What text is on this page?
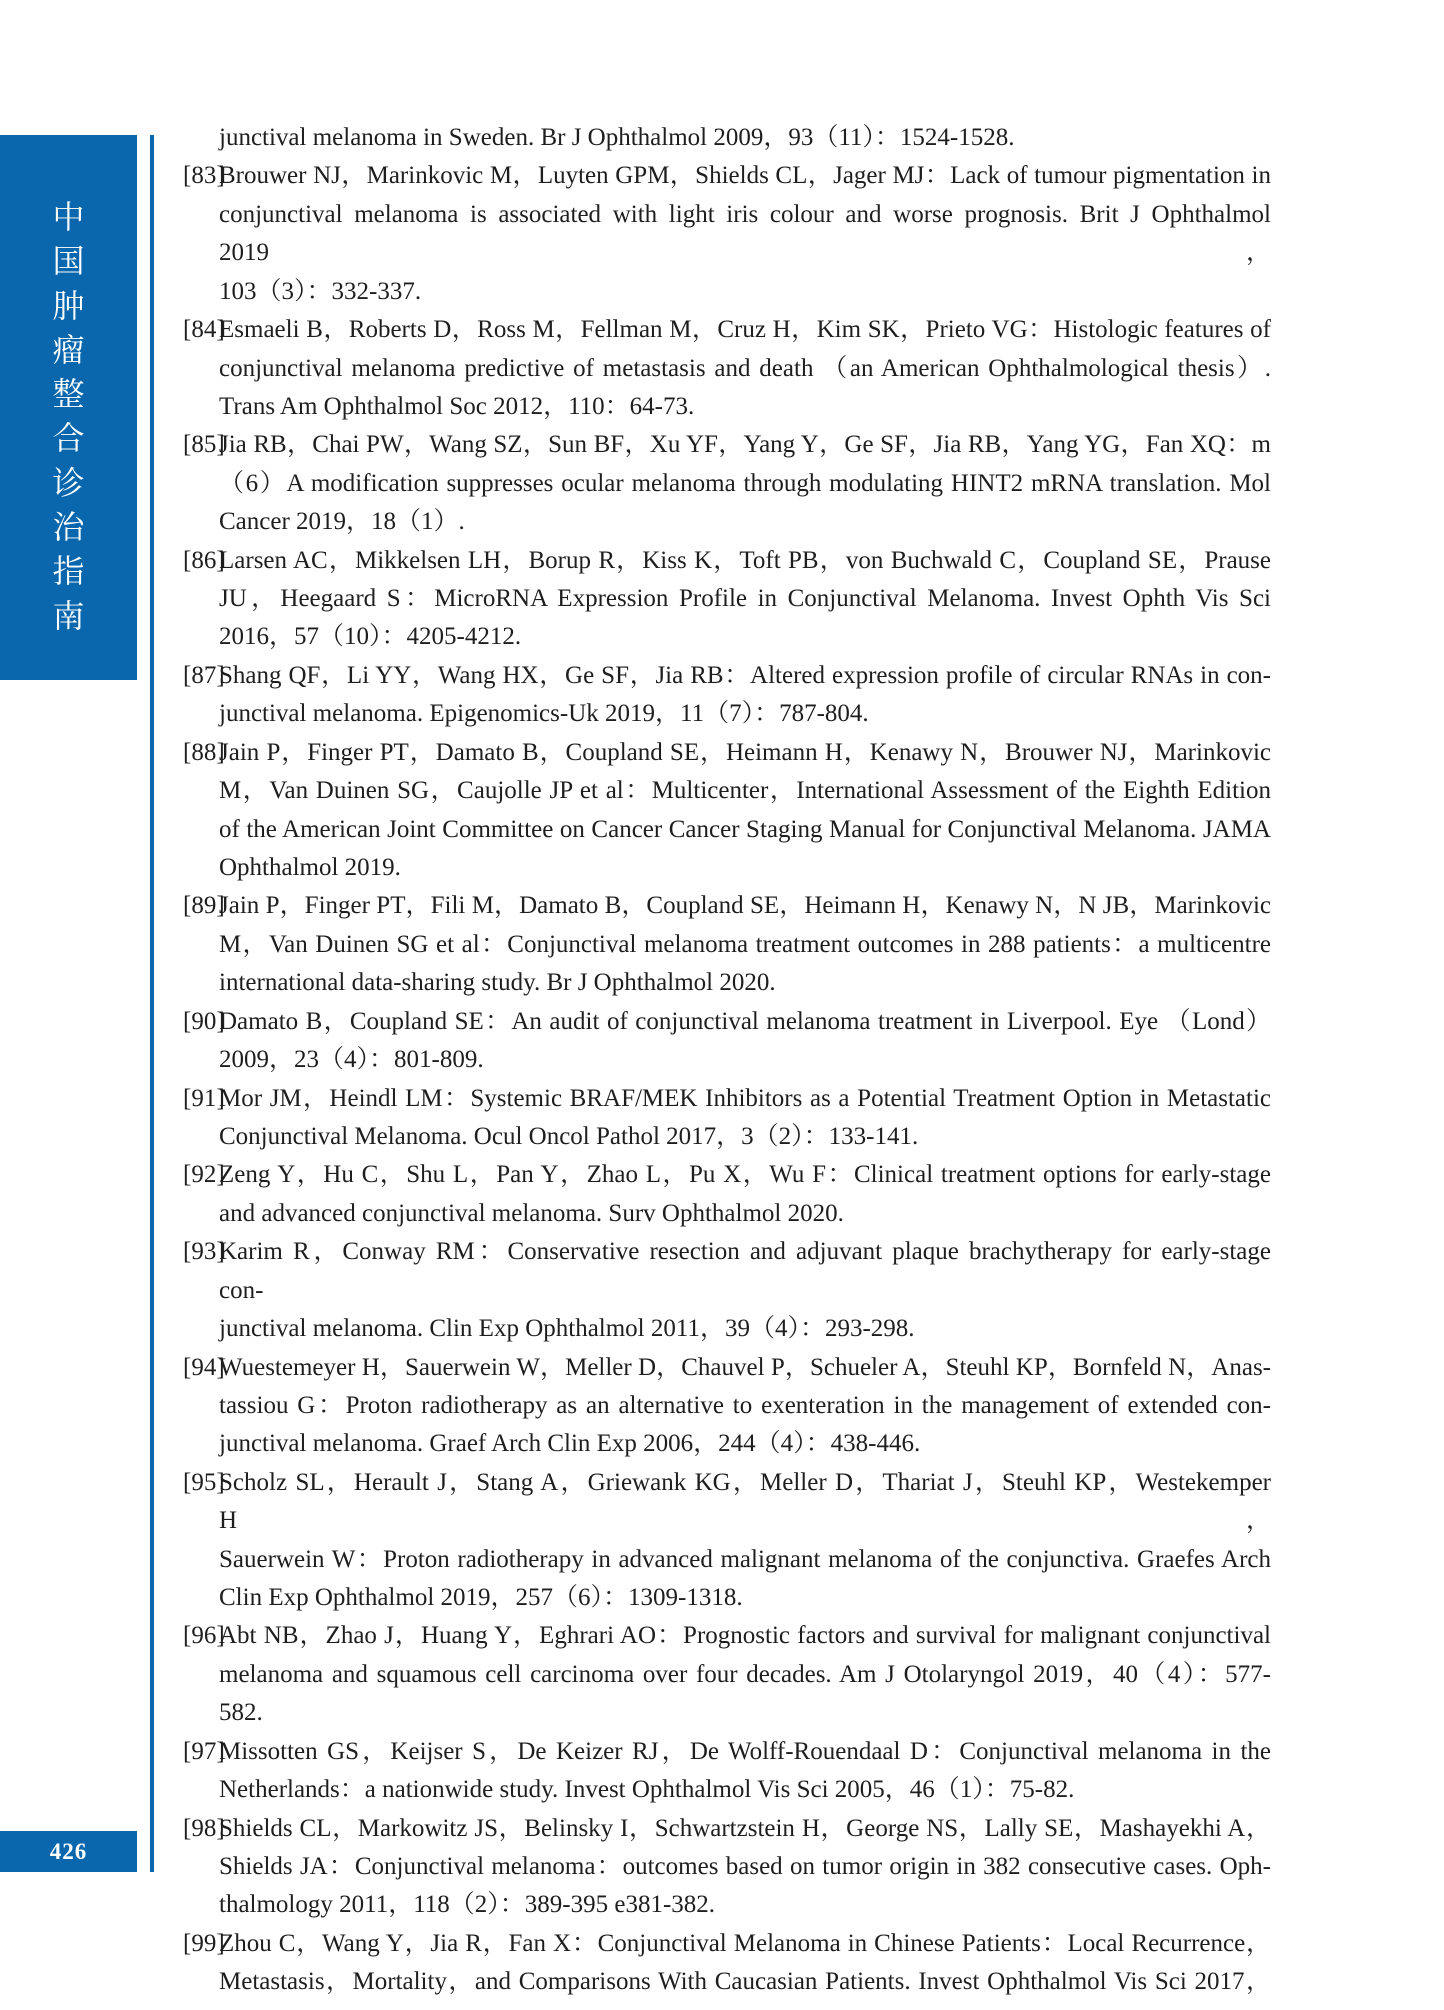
中
国
肿
瘤
整
合
诊
治
指
南
426
junctival melanoma in Sweden. Br J Ophthalmol 2009，93（11）：1524-1528.
[83]
Brouwer NJ，Marinkovic M，Luyten GPM，Shields CL，Jager MJ：Lack of tumour pigmentation in
conjunctival melanoma is associated with light iris colour and worse prognosis. Brit J Ophthalmol 2019，
103（3）：332-337.
[84]
Esmaeli B，Roberts D，Ross M，Fellman M，Cruz H，Kim SK，Prieto VG：Histologic features of
conjunctival melanoma predictive of metastasis and death （an American Ophthalmological thesis）.
Trans Am Ophthalmol Soc 2012，110：64-73.
[85]
Jia RB，Chai PW，Wang SZ，Sun BF，Xu YF，Yang Y，Ge SF，Jia RB，Yang YG，Fan XQ：m
（6）A modification suppresses ocular melanoma through modulating HINT2 mRNA translation. Mol
Cancer 2019，18（1）.
[86]
Larsen AC，Mikkelsen LH，Borup R，Kiss K，Toft PB，von Buchwald C，Coupland SE，Prause
JU，Heegaard S：MicroRNA Expression Profile in Conjunctival Melanoma. Invest Ophth Vis Sci
2016，57（10）：4205-4212.
[87]
Shang QF，Li YY，Wang HX，Ge SF，Jia RB：Altered expression profile of circular RNAs in con-
junctival melanoma. Epigenomics-Uk 2019，11（7）：787-804.
[88]
Jain P，Finger PT，Damato B，Coupland SE，Heimann H，Kenawy N，Brouwer NJ，Marinkovic
M，Van Duinen SG，Caujolle JP et al：Multicenter，International Assessment of the Eighth Edition
of the American Joint Committee on Cancer Cancer Staging Manual for Conjunctival Melanoma. JAMA
Ophthalmol 2019.
[89]
Jain P，Finger PT，Fili M，Damato B，Coupland SE，Heimann H，Kenawy N，N JB，Marinkovic
M，Van Duinen SG et al：Conjunctival melanoma treatment outcomes in 288 patients：a multicentre
international data-sharing study. Br J Ophthalmol 2020.
[90]
Damato B，Coupland SE：An audit of conjunctival melanoma treatment in Liverpool. Eye （Lond）
2009，23（4）：801-809.
[91]
Mor JM，Heindl LM：Systemic BRAF/MEK Inhibitors as a Potential Treatment Option in Metastatic
Conjunctival Melanoma. Ocul Oncol Pathol 2017，3（2）：133-141.
[92]
Zeng Y，Hu C，Shu L，Pan Y，Zhao L，Pu X，Wu F：Clinical treatment options for early-stage
and advanced conjunctival melanoma. Surv Ophthalmol 2020.
[93]
Karim R，Conway RM：Conservative resection and adjuvant plaque brachytherapy for early-stage con-
junctival melanoma. Clin Exp Ophthalmol 2011，39（4）：293-298.
[94]
Wuestemeyer H，Sauerwein W，Meller D，Chauvel P，Schueler A，Steuhl KP，Bornfeld N，Anas-
tassiou G：Proton radiotherapy as an alternative to exenteration in the management of extended con-
junctival melanoma. Graef Arch Clin Exp 2006，244（4）：438-446.
[95]
Scholz SL，Herault J，Stang A，Griewank KG，Meller D，Thariat J，Steuhl KP，Westekemper H，
Sauerwein W：Proton radiotherapy in advanced malignant melanoma of the conjunctiva. Graefes Arch
Clin Exp Ophthalmol 2019，257（6）：1309-1318.
[96]
Abt NB，Zhao J，Huang Y，Eghrari AO：Prognostic factors and survival for malignant conjunctival
melanoma and squamous cell carcinoma over four decades. Am J Otolaryngol 2019，40（4）：577-
582.
[97]
Missotten GS，Keijser S，De Keizer RJ，De Wolff-Rouendaal D：Conjunctival melanoma in the
Netherlands：a nationwide study. Invest Ophthalmol Vis Sci 2005，46（1）：75-82.
[98]
Shields CL，Markowitz JS，Belinsky I，Schwartzstein H，George NS，Lally SE，Mashayekhi A，
Shields JA：Conjunctival melanoma：outcomes based on tumor origin in 382 consecutive cases. Oph-
thalmology 2011，118（2）：389-395 e381-382.
[99]
Zhou C，Wang Y，Jia R，Fan X：Conjunctival Melanoma in Chinese Patients：Local Recurrence，
Metastasis，Mortality，and Comparisons With Caucasian Patients. Invest Ophthalmol Vis Sci 2017，
